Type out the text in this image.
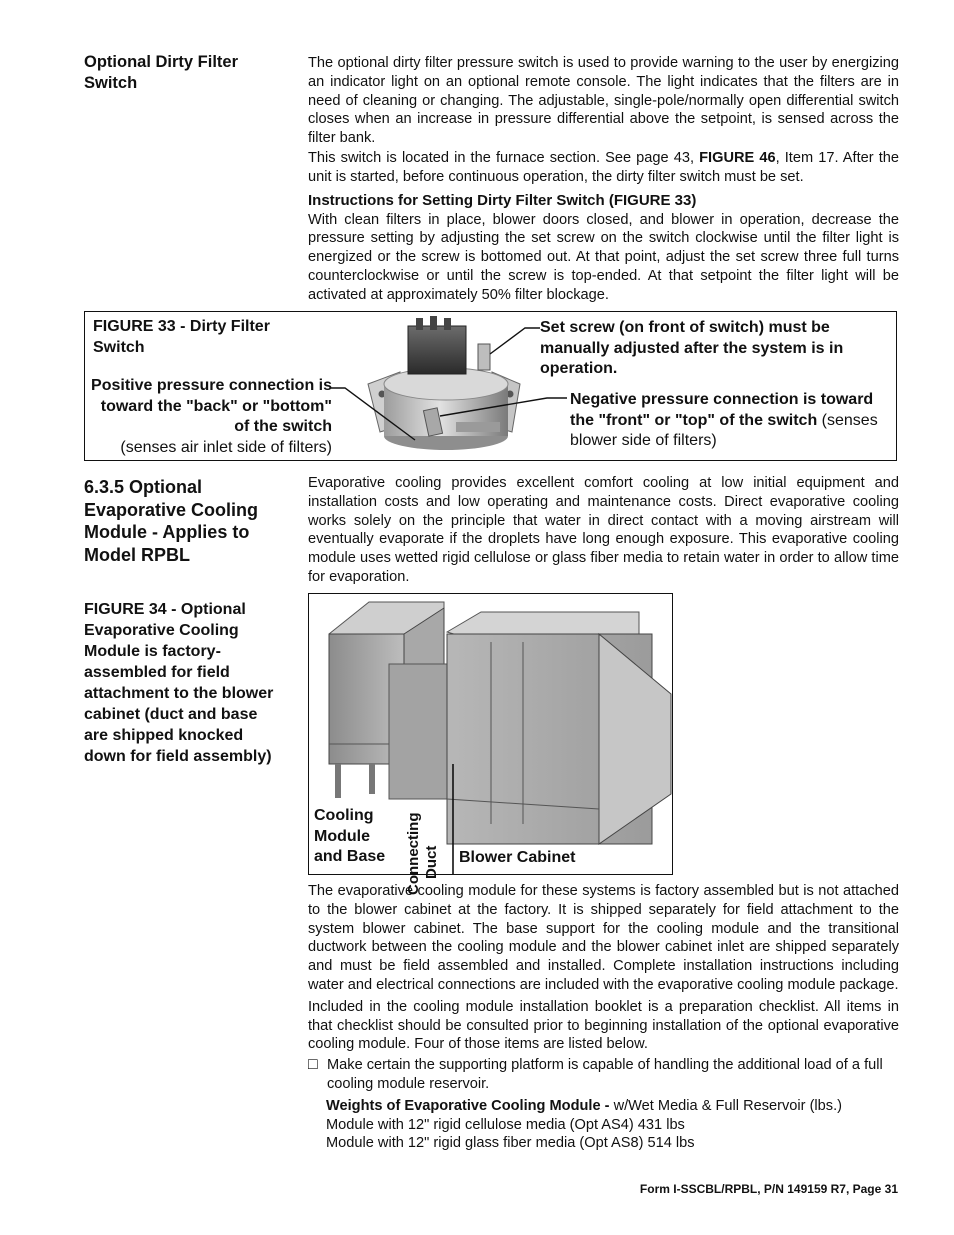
Optional Dirty Filter Switch

The optional dirty filter pressure switch is used to provide warning to the user by energizing an indicator light on an optional remote console. The light indicates that the filters are in need of cleaning or changing. The adjustable, single-pole/normally open differential switch closes when an increase in pressure differential above the setpoint, is sensed across the filter bank.

This switch is located in the furnace section. See page 43, FIGURE 46, Item 17. After the unit is started, before continuous operation, the dirty filter switch must be set.

Instructions for Setting Dirty Filter Switch (FIGURE 33)

With clean filters in place, blower doors closed, and blower in operation, decrease the pressure setting by adjusting the set screw on the switch clockwise until the filter light is energized or the screw is bottomed out. At that point, adjust the set screw three full turns counterclockwise or until the screw is top-ended. At that setpoint the filter light will be activated at approximately 50% filter blockage.

FIGURE 33 - Dirty Filter Switch
Positive pressure connection is toward the "back" or "bottom" of the switch
(senses air inlet side of filters)
Set screw (on front of switch) must be manually adjusted after the system is in operation.
Negative pressure connection is toward the "front" or "top" of the switch (senses blower side of filters)
6.3.5 Optional Evaporative Cooling Module - Applies to Model RPBL

Evaporative cooling provides excellent comfort cooling at low initial equipment and installation costs and low operating and maintenance costs. Direct evaporative cooling works solely on the principle that water in direct contact with a moving airstream will eventually evaporate if the droplets have long enough exposure. This evaporative cooling module uses wetted rigid cellulose or glass fiber media to retain water in order to allow time for evaporation.

FIGURE 34 - Optional Evaporative Cooling Module is factory-assembled for field attachment to the blower cabinet (duct and base are shipped knocked down for field assembly)
Cooling Module and Base	Connecting Duct Blower Cabinet

The evaporative cooling module for these systems is factory assembled but is not attached to the blower cabinet at the factory. It is shipped separately for field attachment to the system blower cabinet. The base support for the cooling module and the transitional ductwork between the cooling module and the blower cabinet inlet are shipped separately and must be field assembled and installed. Complete installation instructions including water and electrical connections are included with the evaporative cooling module package.

Included in the cooling module installation booklet is a preparation checklist. All items in that checklist should be consulted prior to beginning installation of the optional evaporative cooling module. Four of those items are listed below.

□ Make certain the supporting platform is capable of handling the additional load of a full cooling module reservoir.
Weights of Evaporative Cooling Module - w/Wet Media & Full Reservoir (lbs.)
Module with 12" rigid cellulose media (Opt AS4) 431 lbs
Module with 12" rigid glass fiber media (Opt AS8) 514 lbs
Form I-SSCBL/RPBL, P/N 149159 R7, Page 31
